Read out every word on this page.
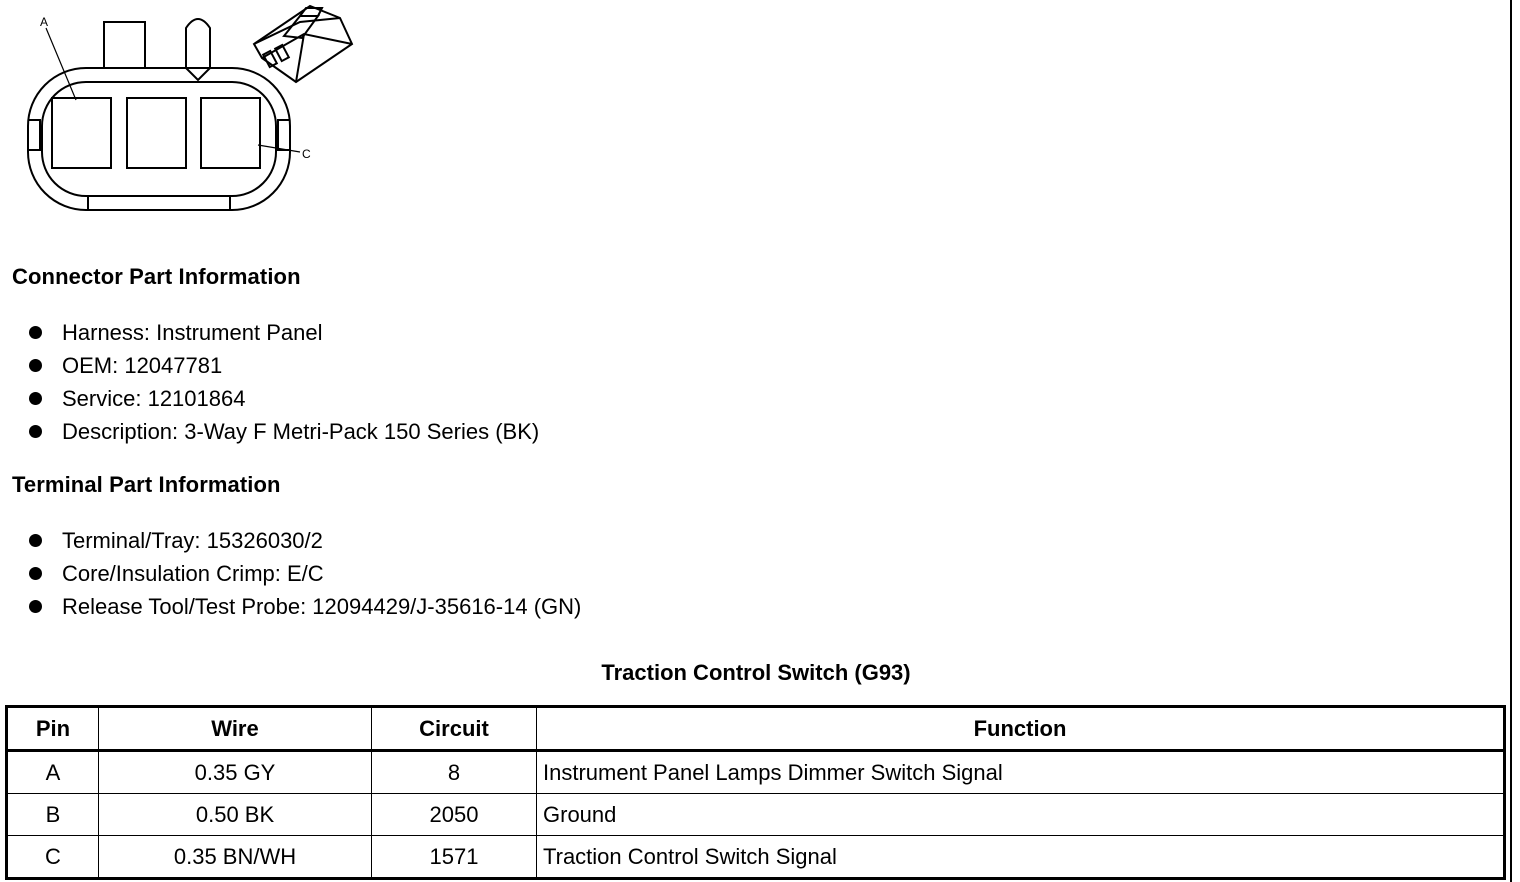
A
C
Connector Part Information
Harness: Instrument Panel
OEM: 12047781
Service: 12101864
Description: 3-Way F Metri-Pack 150 Series (BK)
Terminal Part Information
Terminal/Tray: 15326030/2
Core/Insulation Crimp: E/C
Release Tool/Test Probe: 12094429/J-35616-14 (GN)
Traction Control Switch (G93)
Pin	Wire	Circuit	Function
A	0.35 GY	8	Instrument Panel Lamps Dimmer Switch Signal
B	0.50 BK	2050	Ground
C	0.35 BN/WH	1571	Traction Control Switch Signal
